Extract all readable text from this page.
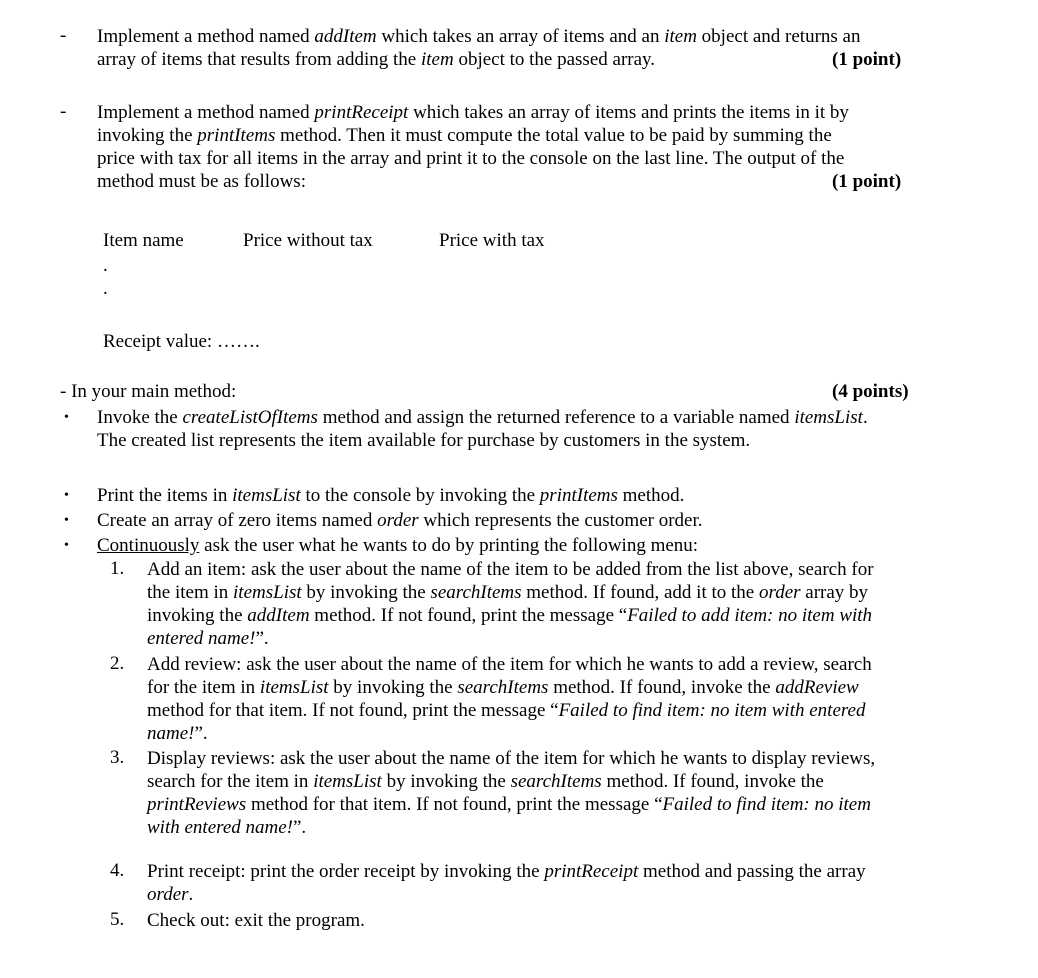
- Implement a method named addItem which takes an array of items and an item object and returns an

array of items that results from adding the item object to the passed array.	(1 point)

- Implement a method named printReceipt which takes an array of items and prints the items in it by

invoking the printItems method. Then it must compute the total value to be paid by summing the

price with tax for all items in the array and print it to the console on the last line. The output of the

method must be as follows:	(1 point)

Item name	Price without tax	Price with tax

.

.

Receipt value: …….

- In your main method:	(4 points)

• Invoke the createListOfItems method and assign the returned reference to a variable named itemsList.

The created list represents the item available for purchase by customers in the system.

• Print the items in itemsList to the console by invoking the printItems method.

• Create an array of zero items named order which represents the customer order.

• Continuously ask the user what he wants to do by printing the following menu:

1.	Add an item: ask the user about the name of the item to be added from the list above, search for

the item in itemsList by invoking the searchItems method. If found, add it to the order array by

invoking the addItem method. If not found, print the message “Failed to add item: no item with

entered name!”.

2.	Add review: ask the user about the name of the item for which he wants to add a review, search

for the item in itemsList by invoking the searchItems method. If found, invoke the addReview

method for that item. If not found, print the message “Failed to find item: no item with entered

name!”.

3.	Display reviews: ask the user about the name of the item for which he wants to display reviews,

search for the item in itemsList by invoking the searchItems method. If found, invoke the

printReviews method for that item. If not found, print the message “Failed to find item: no item

with entered name!”.

4.	Print receipt: print the order receipt by invoking the printReceipt method and passing the array

order.

5.	Check out: exit the program.
